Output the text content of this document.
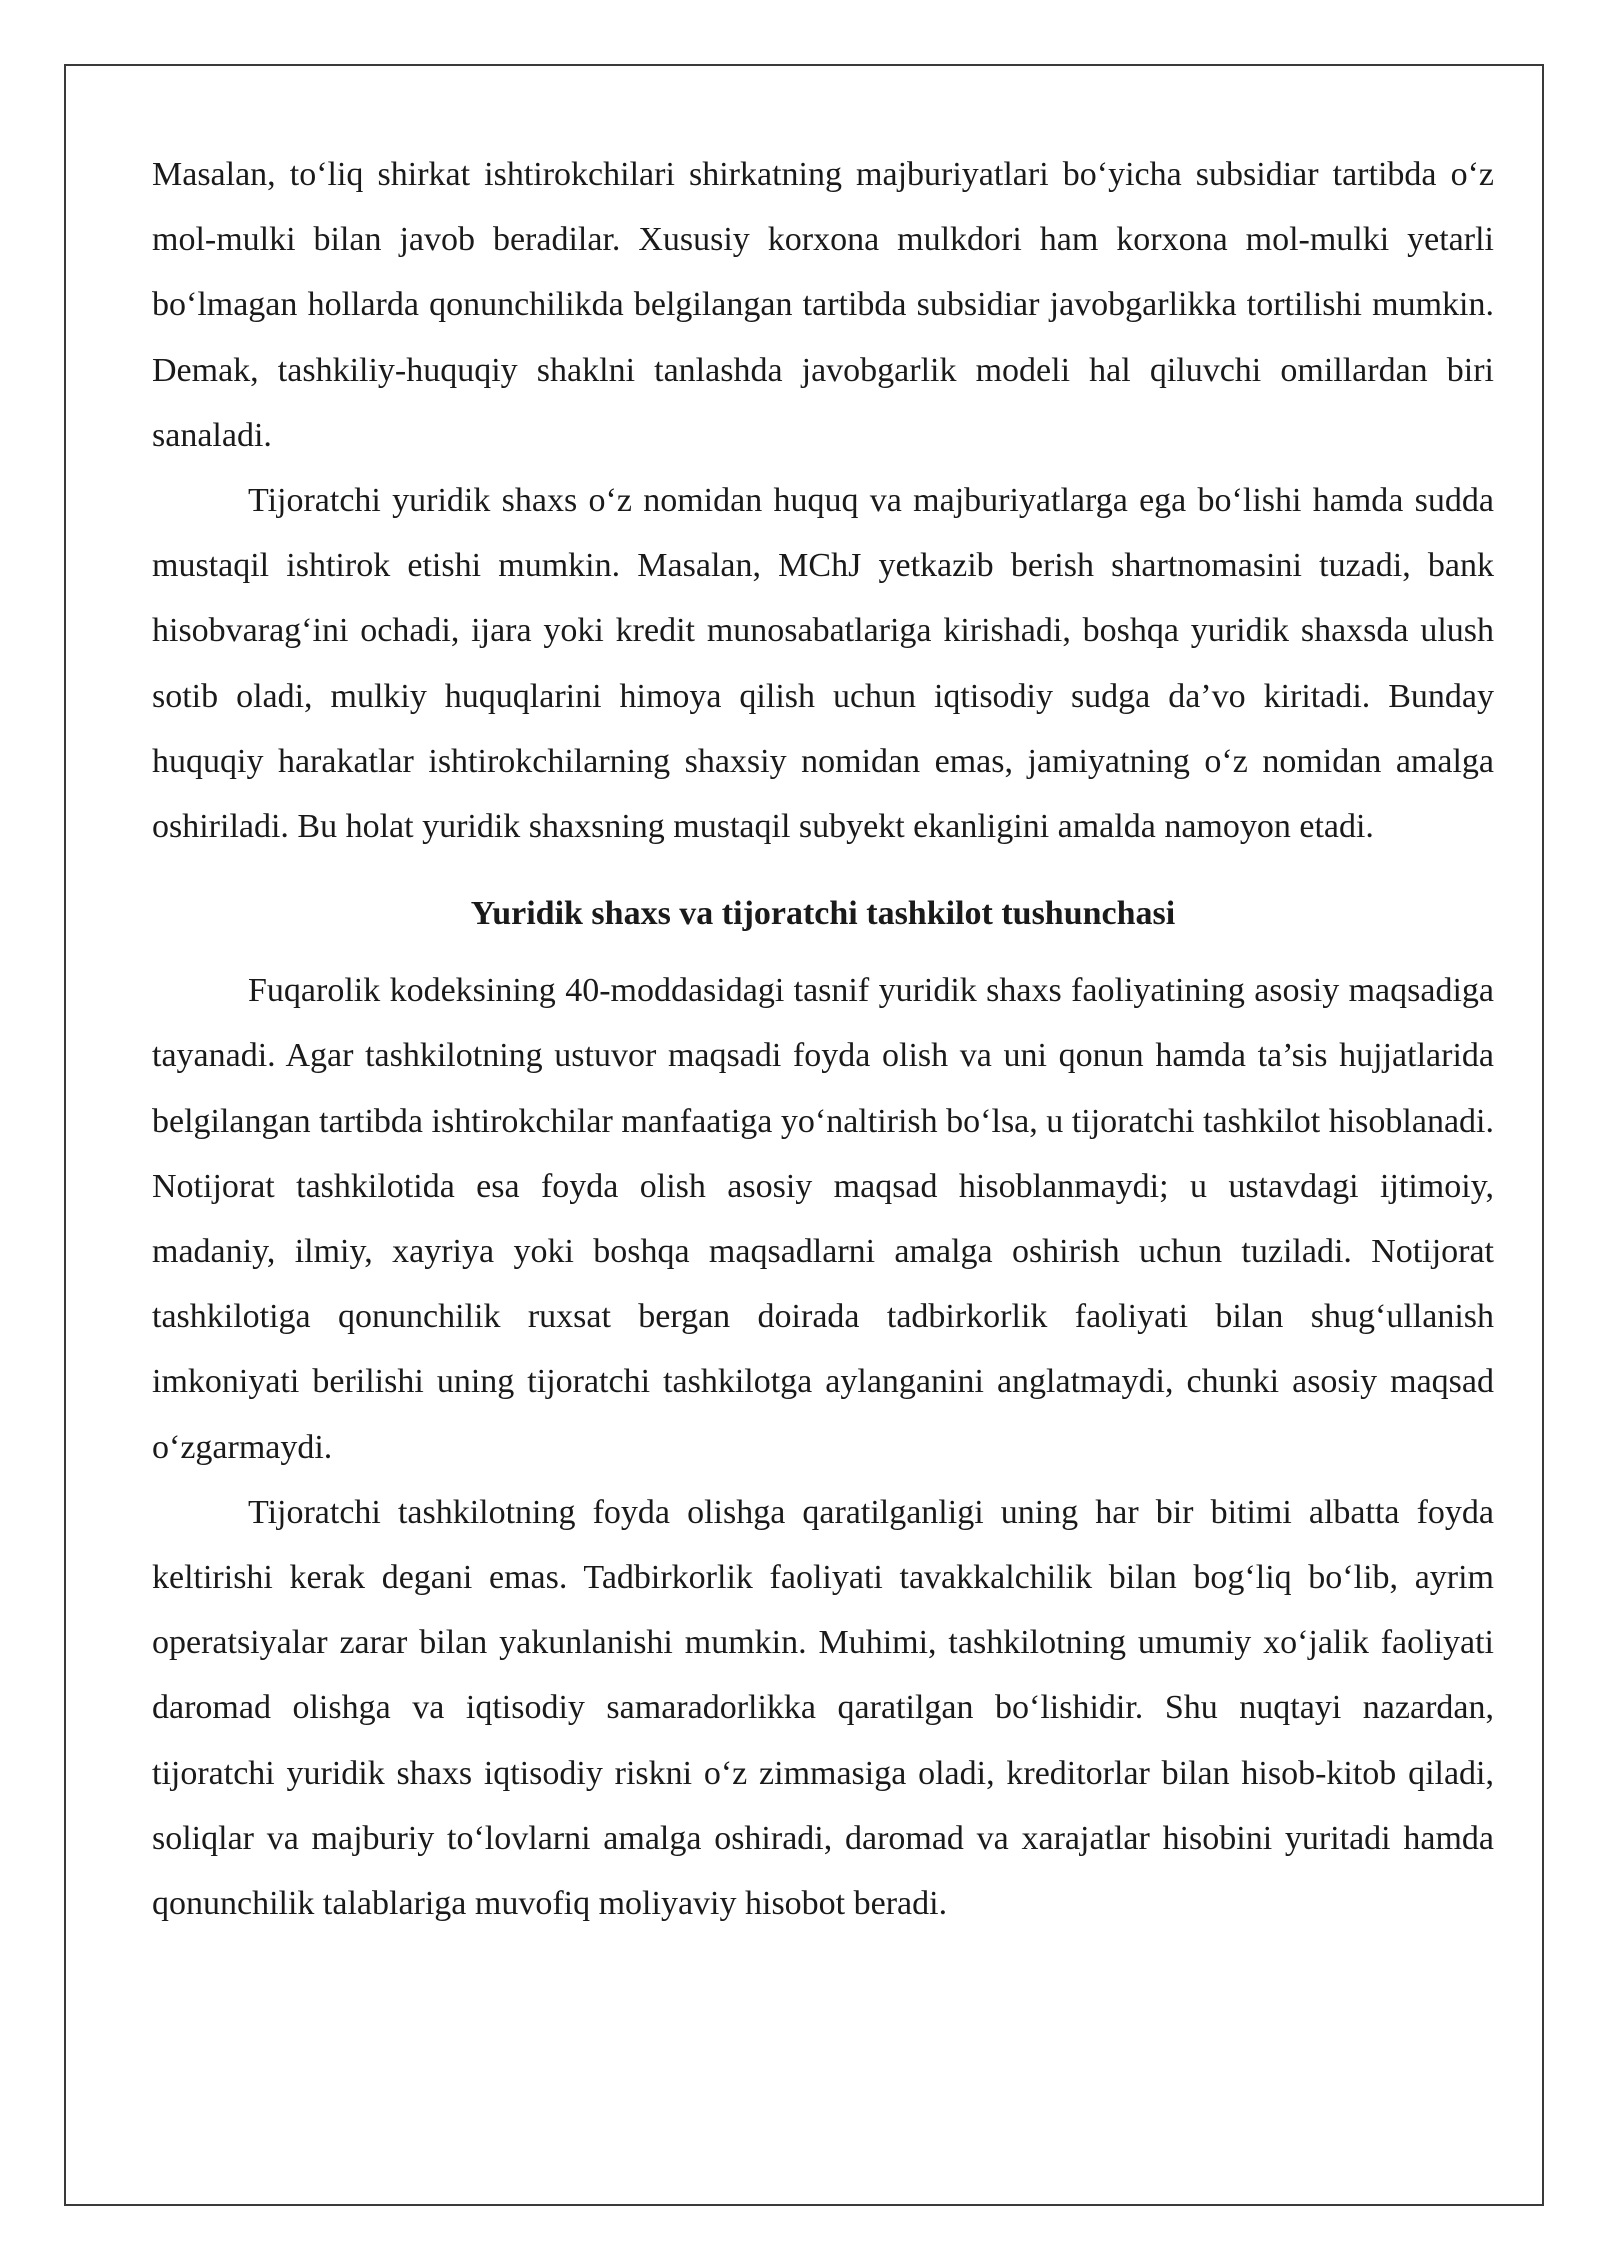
Masalan, to‘liq shirkat ishtirokchilari shirkatning majburiyatlari bo‘yicha subsidiar tartibda o‘z mol-mulki bilan javob beradilar. Xususiy korxona mulkdori ham korxona mol-mulki yetarli bo‘lmagan hollarda qonunchilikda belgilangan tartibda subsidiar javobgarlikka tortilishi mumkin. Demak, tashkiliy-huquqiy shaklni tanlashda javobgarlik modeli hal qiluvchi omillardan biri sanaladi.

Tijoratchi yuridik shaxs o‘z nomidan huquq va majburiyatlarga ega bo‘lishi hamda sudda mustaqil ishtirok etishi mumkin. Masalan, MChJ yetkazib berish shartnomasini tuzadi, bank hisobvarag‘ini ochadi, ijara yoki kredit munosabatlariga kirishadi, boshqa yuridik shaxsda ulush sotib oladi, mulkiy huquqlarini himoya qilish uchun iqtisodiy sudga da’vo kiritadi. Bunday huquqiy harakatlar ishtirokchilarning shaxsiy nomidan emas, jamiyatning o‘z nomidan amalga oshiriladi. Bu holat yuridik shaxsning mustaqil subyekt ekanligini amalda namoyon etadi.

Yuridik shaxs va tijoratchi tashkilot tushunchasi

Fuqarolik kodeksining 40-moddasidagi tasnif yuridik shaxs faoliyatining asosiy maqsadiga tayanadi. Agar tashkilotning ustuvor maqsadi foyda olish va uni qonun hamda ta’sis hujjatlarida belgilangan tartibda ishtirokchilar manfaatiga yo‘naltirish bo‘lsa, u tijoratchi tashkilot hisoblanadi. Notijorat tashkilotida esa foyda olish asosiy maqsad hisoblanmaydi; u ustavdagi ijtimoiy, madaniy, ilmiy, xayriya yoki boshqa maqsadlarni amalga oshirish uchun tuziladi. Notijorat tashkilotiga qonunchilik ruxsat bergan doirada tadbirkorlik faoliyati bilan shug‘ullanish imkoniyati berilishi uning tijoratchi tashkilotga aylanganini anglatmaydi, chunki asosiy maqsad o‘zgarmaydi.

Tijoratchi tashkilotning foyda olishga qaratilganligi uning har bir bitimi albatta foyda keltirishi kerak degani emas. Tadbirkorlik faoliyati tavakkalchilik bilan bog‘liq bo‘lib, ayrim operatsiyalar zarar bilan yakunlanishi mumkin. Muhimi, tashkilotning umumiy xo‘jalik faoliyati daromad olishga va iqtisodiy samaradorlikka qaratilgan bo‘lishidir. Shu nuqtayi nazardan, tijoratchi yuridik shaxs iqtisodiy riskni o‘z zimmasiga oladi, kreditorlar bilan hisob-kitob qiladi, soliqlar va majburiy to‘lovlarni amalga oshiradi, daromad va xarajatlar hisobini yuritadi hamda qonunchilik talablariga muvofiq moliyaviy hisobot beradi.
